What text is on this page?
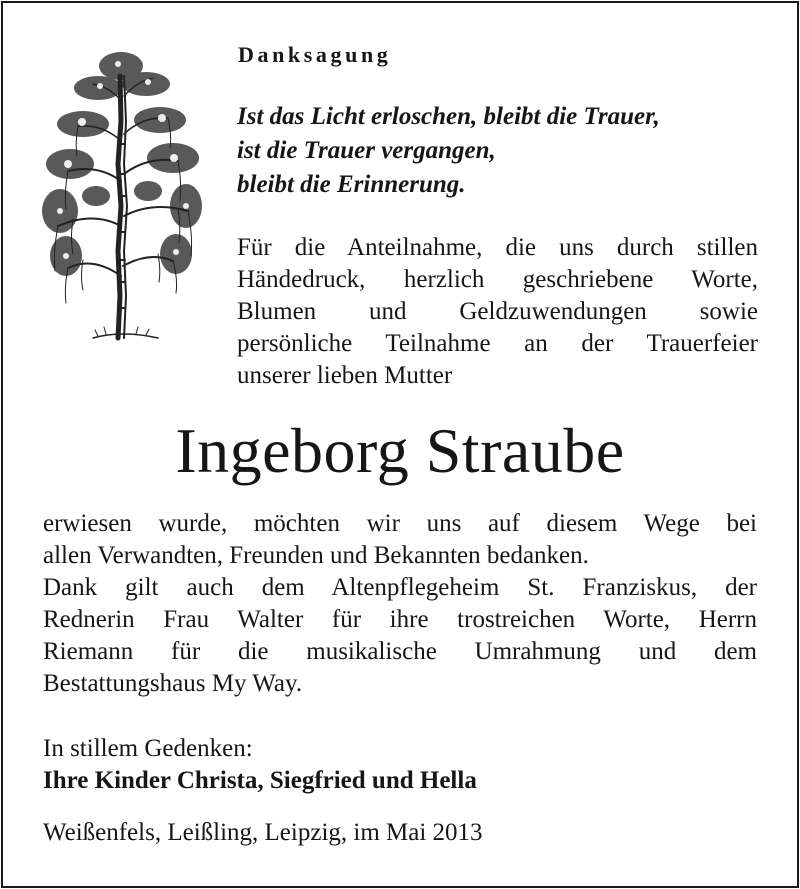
Danksagung
Ist das Licht erloschen, bleibt die Trauer,
ist die Trauer vergangen,
bleibt die Erinnerung.
Für die Anteilnahme, die uns durch stillen
Händedruck, herzlich geschriebene Worte,
Blumen und Geldzuwendungen sowie
persönliche Teilnahme an der Trauerfeier
unserer lieben Mutter
Ingeborg Straube
erwiesen wurde, möchten wir uns auf diesem Wege bei
allen Verwandten, Freunden und Bekannten bedanken.
Dank gilt auch dem Altenpflegeheim St. Franziskus, der
Rednerin Frau Walter für ihre trostreichen Worte, Herrn
Riemann für die musikalische Umrahmung und dem
Bestattungshaus My Way.
In stillem Gedenken:
Ihre Kinder Christa, Siegfried und Hella
Weißenfels, Leißling, Leipzig, im Mai 2013
